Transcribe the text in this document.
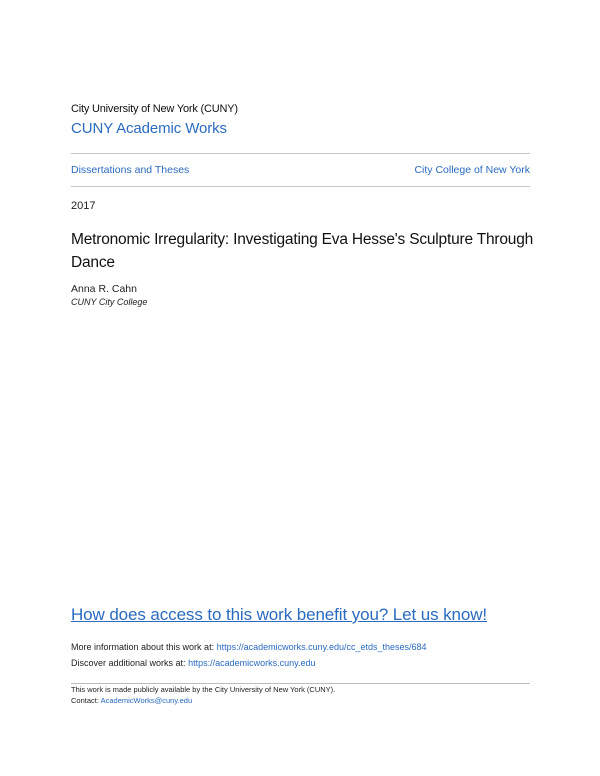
City University of New York (CUNY)
CUNY Academic Works
Dissertations and Theses	City College of New York
2017
Metronomic Irregularity: Investigating Eva Hesse's Sculpture Through Dance
Anna R. Cahn
CUNY City College
How does access to this work benefit you? Let us know!
More information about this work at: https://academicworks.cuny.edu/cc_etds_theses/684
Discover additional works at: https://academicworks.cuny.edu
This work is made publicly available by the City University of New York (CUNY).
Contact: AcademicWorks@cuny.edu
